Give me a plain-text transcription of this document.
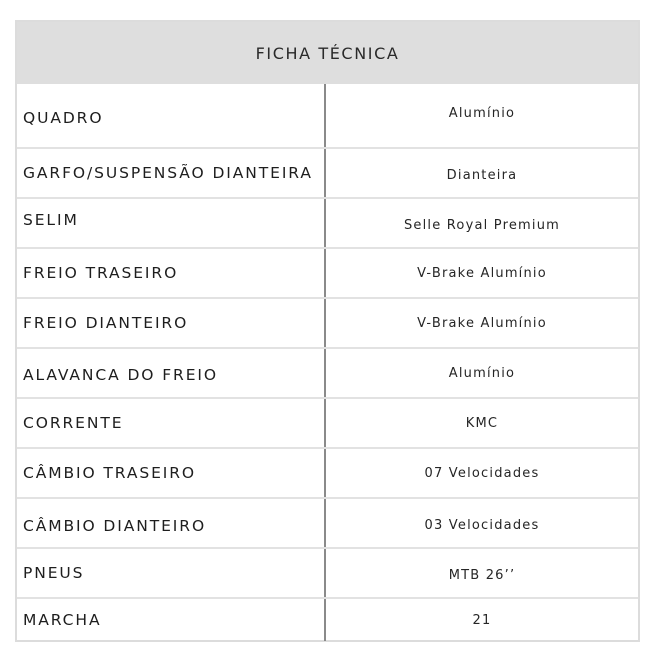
FICHA TÉCNICA
QUADRO	Alumínio
GARFO/SUSPENSÃO DIANTEIRA	Dianteira
SELIM	Selle Royal Premium
FREIO TRASEIRO	V-Brake Alumínio
FREIO DIANTEIRO	V-Brake Alumínio
ALAVANCA DO FREIO	Alumínio
CORRENTE	KMC
CÂMBIO TRASEIRO	07 Velocidades
CÂMBIO DIANTEIRO	03 Velocidades
PNEUS	MTB 26’’
MARCHA	21
